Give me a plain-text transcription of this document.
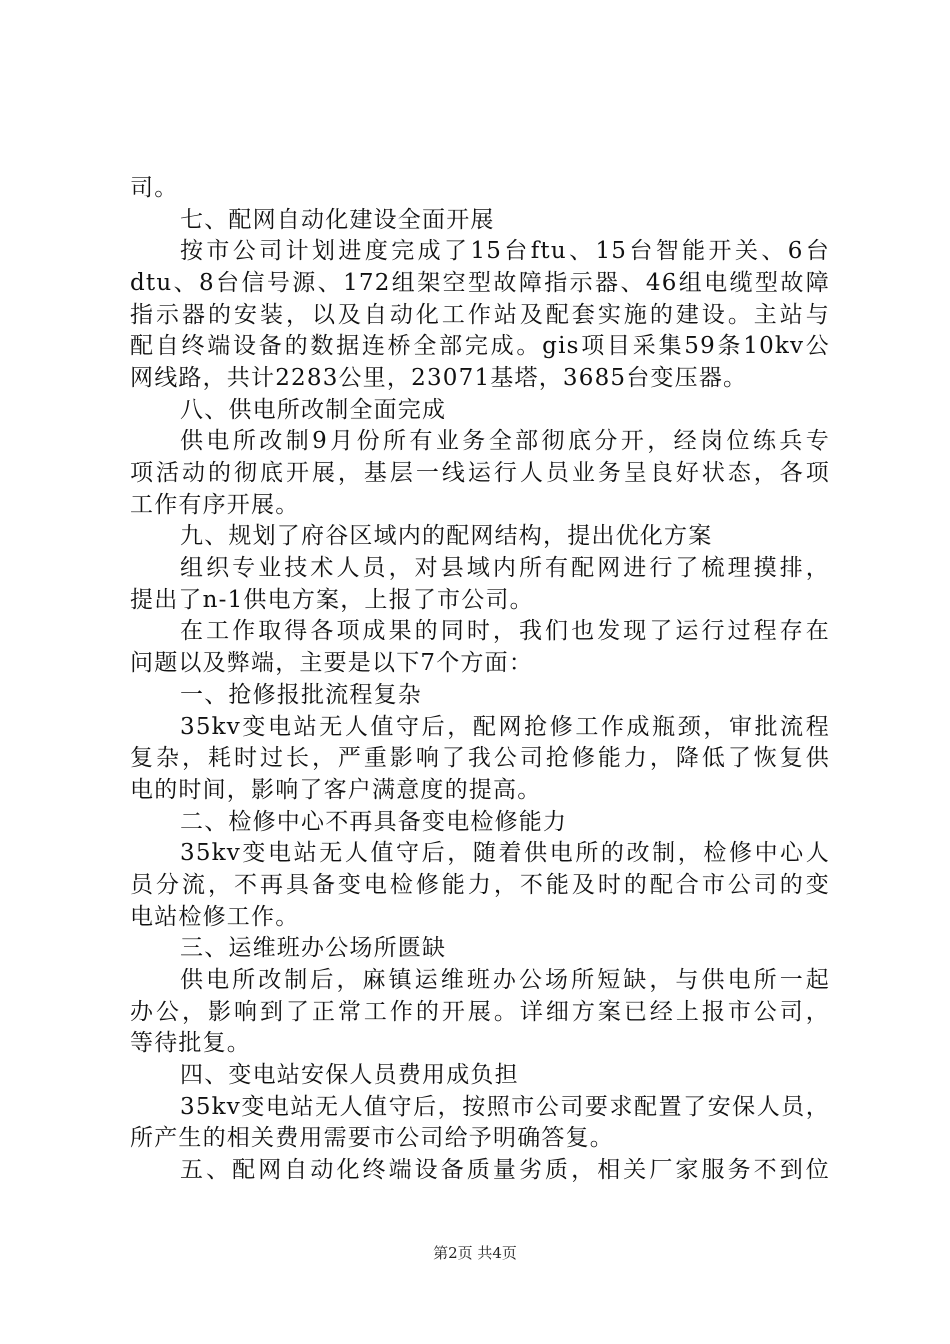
司。
七、配网自动化建设全面开展
按市公司计划进度完成了15台ftu、15台智能开关、6台
dtu、8台信号源、172组架空型故障指示器、46组电缆型故障
指示器的安装，以及自动化工作站及配套实施的建设。主站与
配自终端设备的数据连桥全部完成。gis项目采集59条10kv公
网线路，共计2283公里，23071基塔，3685台变压器。
八、供电所改制全面完成
供电所改制9月份所有业务全部彻底分开，经岗位练兵专
项活动的彻底开展，基层一线运行人员业务呈良好状态，各项
工作有序开展。
九、规划了府谷区域内的配网结构，提出优化方案
组织专业技术人员，对县域内所有配网进行了梳理摸排，
提出了n-1供电方案，上报了市公司。
在工作取得各项成果的同时，我们也发现了运行过程存在
问题以及弊端，主要是以下7个方面：
一、抢修报批流程复杂
35kv变电站无人值守后，配网抢修工作成瓶颈，审批流程
复杂，耗时过长，严重影响了我公司抢修能力，降低了恢复供
电的时间，影响了客户满意度的提高。
二、检修中心不再具备变电检修能力
35kv变电站无人值守后，随着供电所的改制，检修中心人
员分流，不再具备变电检修能力，不能及时的配合市公司的变
电站检修工作。
三、运维班办公场所匮缺
供电所改制后，麻镇运维班办公场所短缺，与供电所一起
办公，影响到了正常工作的开展。详细方案已经上报市公司，
等待批复。
四、变电站安保人员费用成负担
35kv变电站无人值守后，按照市公司要求配置了安保人员，
所产生的相关费用需要市公司给予明确答复。
五、配网自动化终端设备质量劣质，相关厂家服务不到位
第2页 共4页
